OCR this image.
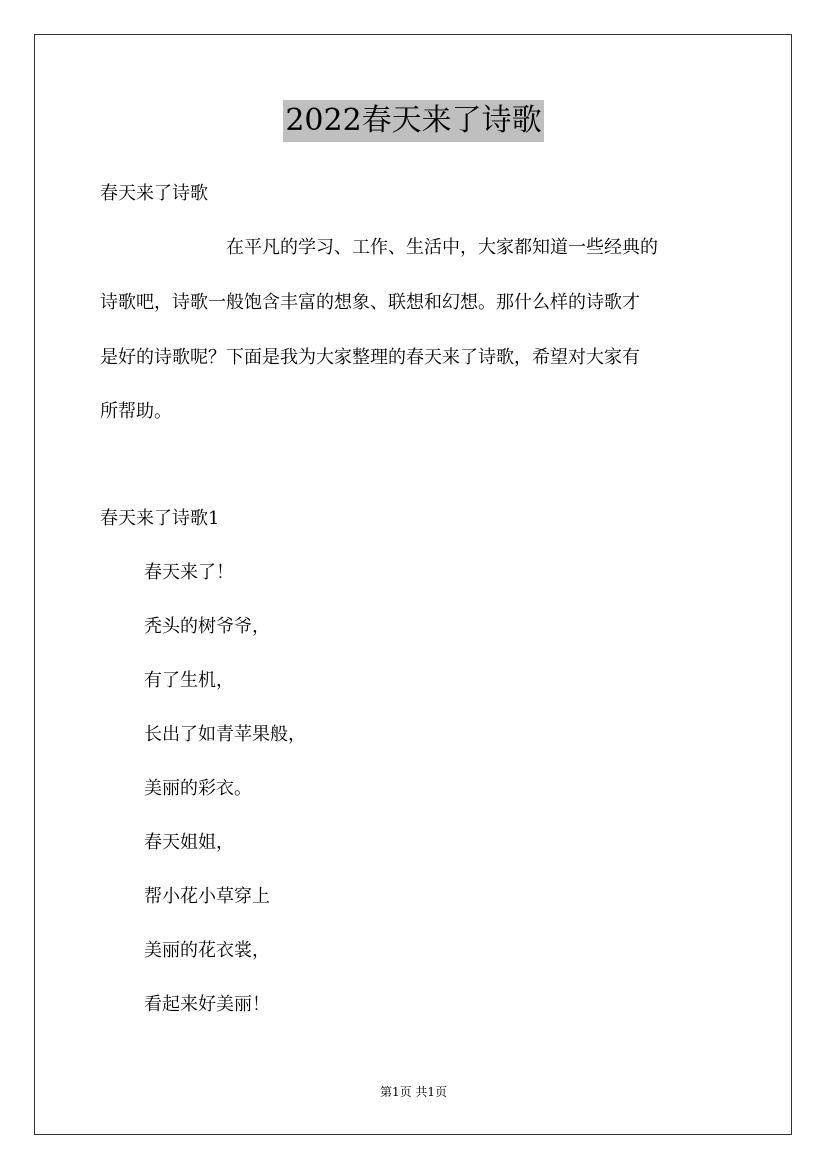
2022春天来了诗歌
春天来了诗歌
在平凡的学习、工作、生活中，大家都知道一些经典的
诗歌吧，诗歌一般饱含丰富的想象、联想和幻想。那什么样的诗歌才
是好的诗歌呢？下面是我为大家整理的春天来了诗歌，希望对大家有
所帮助。
春天来了诗歌1
春天来了！
秃头的树爷爷，
有了生机，
长出了如青苹果般，
美丽的彩衣。
春天姐姐，
帮小花小草穿上
美丽的花衣裳，
看起来好美丽！
第1页 共1页
